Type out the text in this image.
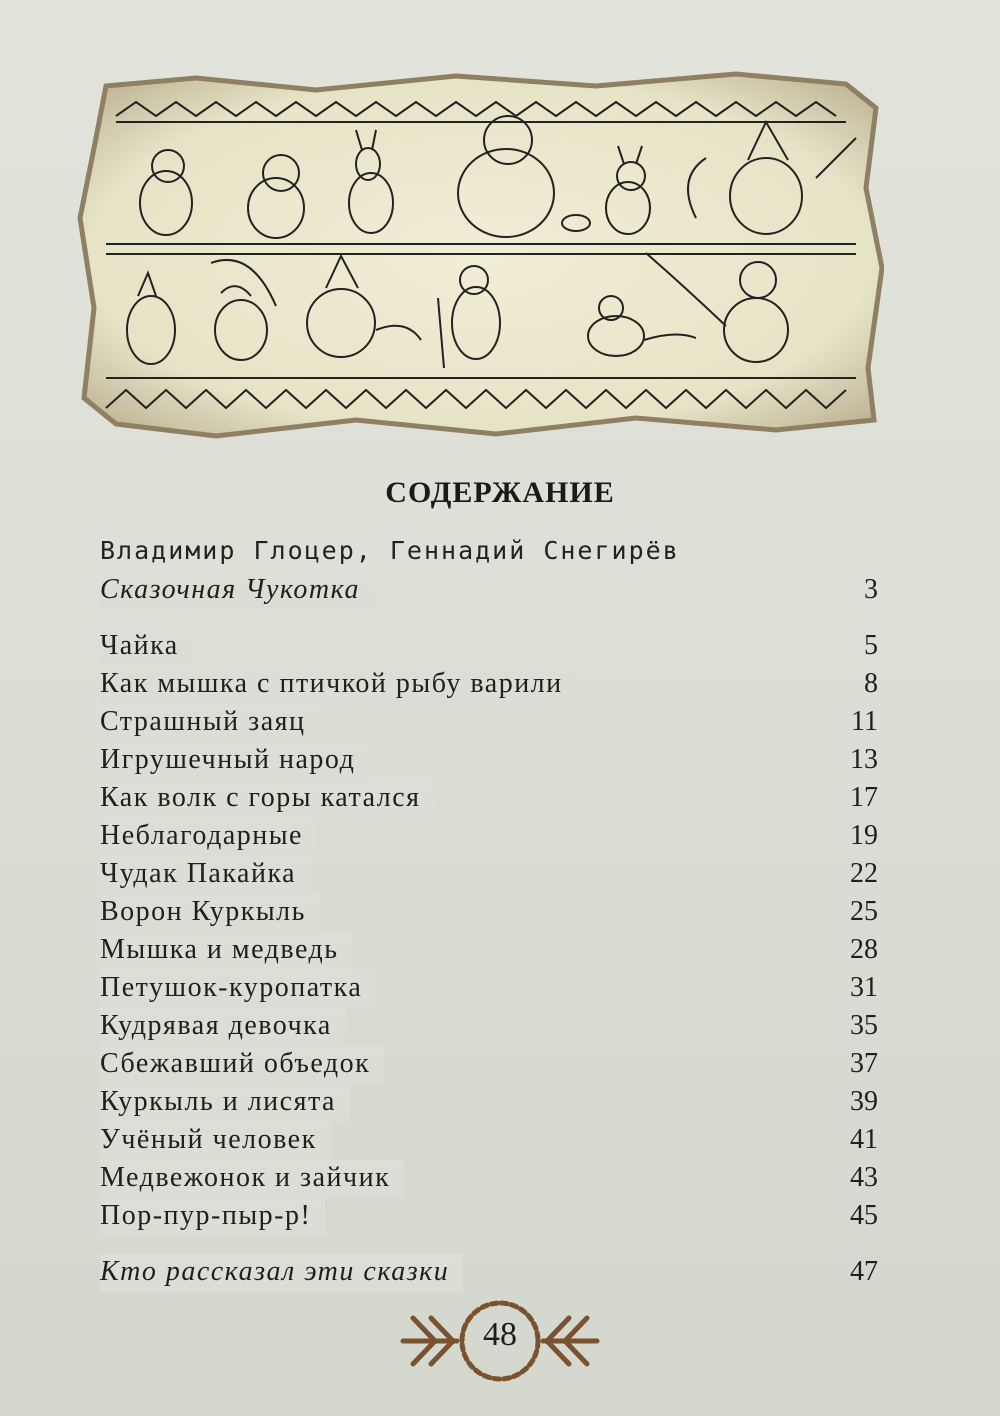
СОДЕРЖАНИЕ
Владимир Глоцер, Геннадий Снегирёв
. . .
Сказочная Чукотка	3
. . .
Чайка	5
. . .
Как мышка с птичкой рыбу варили	8
. . .
Страшный заяц	11
. . .
Игрушечный народ	13
. . .
Как волк с горы катался	17
. . .
Неблагодарные	19
. . .
Чудак Пакайка	22
. . .
Ворон Куркыль	25
. . .
Мышка и медведь	28
. . .
Петушок-куропатка	31
. . .
Кудрявая девочка	35
. . .
Сбежавший объедок	37
. . .
Куркыль и лисята	39
. . .
Учёный человек	41
. . .
Медвежонок и зайчик	43
. . .
Пор-пур-пыр-р!	45
. . .
Кто рассказал эти сказки	47
48
